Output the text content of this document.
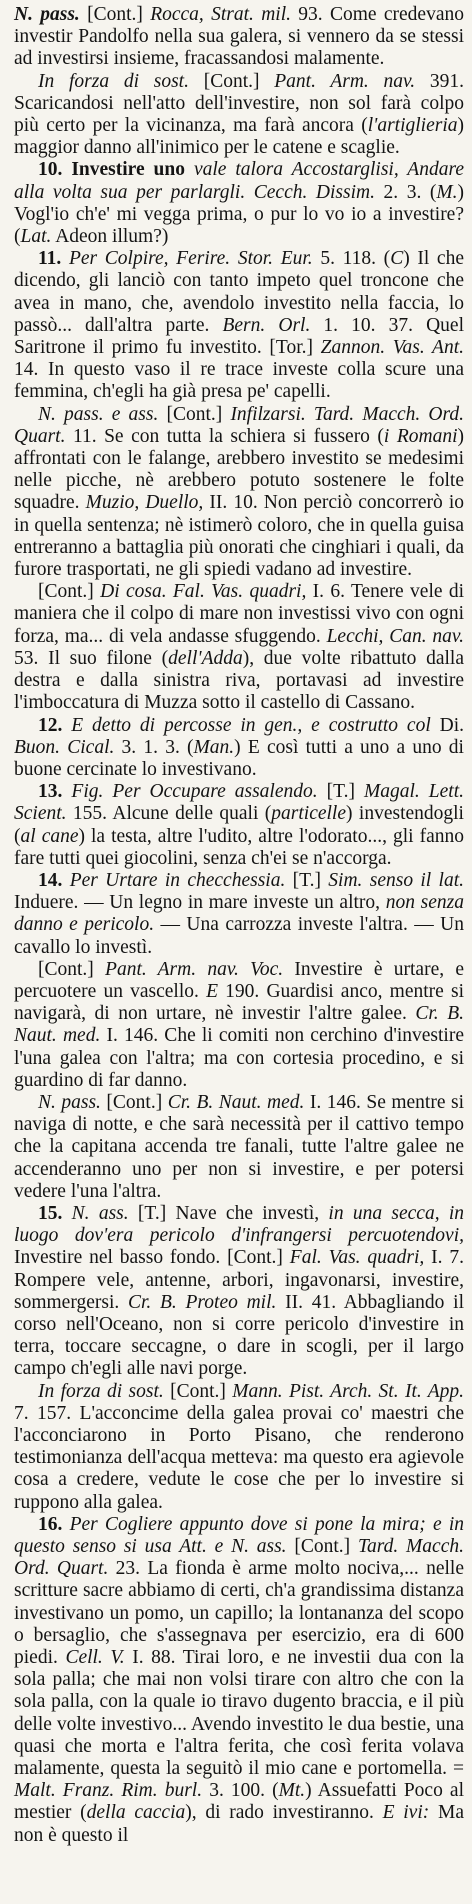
N. pass. [Cont.] Rocca, Strat. mil. 93. Come credevano investir Pandolfo nella sua galera, si vennero da se stessi ad investirsi insieme, fracassandosi malamente.

In forza di sost. [Cont.] Pant. Arm. nav. 391. Scaricandosi nell'atto dell'investire, non sol farà colpo più certo per la vicinanza, ma farà ancora (l'artiglieria) maggior danno all'inimico per le catene e scaglie.

10. Investire uno vale talora Accostarglisi, Andare alla volta sua per parlargli. Cecch. Dissim. 2. 3. (M.) Vogl'io ch'e' mi vegga prima, o pur lo vo io a investire? (Lat. Adeon illum?)

11. Per Colpire, Ferire. Stor. Eur. 5. 118. (C) Il che dicendo, gli lanciò con tanto impeto quel troncone che avea in mano, che, avendolo investito nella faccia, lo passò... dall'altra parte. Bern. Orl. 1. 10. 37. Quel Saritrone il primo fu investito. [Tor.] Zannon. Vas. Ant. 14. In questo vaso il re trace investe colla scure una femmina, ch'egli ha già presa pe' capelli.

N. pass. e ass. [Cont.] Infilzarsi. Tard. Macch. Ord. Quart. 11. Se con tutta la schiera si fussero (i Romani) affrontati con le falange, arebbero investito se medesimi nelle picche, nè arebbero potuto sostenere le folte squadre. Muzio, Duello, II. 10. Non perciò concorrerò io in quella sentenza; nè istimerò coloro, che in quella guisa entreranno a battaglia più onorati che cinghiari i quali, da furore trasportati, ne gli spiedi vadano ad investire.

[Cont.] Di cosa. Fal. Vas. quadri, I. 6. Tenere vele di maniera che il colpo di mare non investissi vivo con ogni forza, ma... di vela andasse sfuggendo. Lecchi, Can. nav. 53. Il suo filone (dell'Adda), due volte ribattuto dalla destra e dalla sinistra riva, portavasi ad investire l'imboccatura di Muzza sotto il castello di Cassano.

12. E detto di percosse in gen., e costrutto col Di. Buon. Cical. 3. 1. 3. (Man.) E così tutti a uno a uno di buone cercinate lo investivano.

13. Fig. Per Occupare assalendo. [T.] Magal. Lett. Scient. 155. Alcune delle quali (particelle) investendogli (al cane) la testa, altre l'udito, altre l'odorato..., gli fanno fare tutti quei giocolini, senza ch'ei se n'accorga.

14. Per Urtare in checchessia. [T.] Sim. senso il lat. Induere. — Un legno in mare investe un altro, non senza danno e pericolo. — Una carrozza investe l'altra. — Un cavallo lo investì.

[Cont.] Pant. Arm. nav. Voc. Investire è urtare, e percuotere un vascello. E 190. Guardisi anco, mentre si navigarà, di non urtare, nè investir l'altre galee. Cr. B. Naut. med. I. 146. Che li comiti non cerchino d'investire l'una galea con l'altra; ma con cortesia procedino, e si guardino di far danno.

N. pass. [Cont.] Cr. B. Naut. med. I. 146. Se mentre si naviga di notte, e che sarà necessità per il cattivo tempo che la capitana accenda tre fanali, tutte l'altre galee ne accenderanno uno per non si investire, e per potersi vedere l'una l'altra.

15. N. ass. [T.] Nave che investì, in una secca, in luogo dov'era pericolo d'infrangersi percuotendovi, Investire nel basso fondo. [Cont.] Fal. Vas. quadri, I. 7. Rompere vele, antenne, arbori, ingavonarsi, investire, sommergersi. Cr. B. Proteo mil. II. 41. Abbagliando il corso nell'Oceano, non si corre pericolo d'investire in terra, toccare seccagne, o dare in scogli, per il largo campo ch'egli alle navi porge.

In forza di sost. [Cont.] Mann. Pist. Arch. St. It. App. 7. 157. L'acconcime della galea provai co' maestri che l'acconciarono in Porto Pisano, che renderono testimonianza dell'acqua metteva: ma questo era agievole cosa a credere, vedute le cose che per lo investire si ruppono alla galea.

16. Per Cogliere appunto dove si pone la mira; e in questo senso si usa Att. e N. ass. [Cont.] Tard. Macch. Ord. Quart. 23. La fionda è arme molto nociva,... nelle scritture sacre abbiamo di certi, ch'a grandissima distanza investivano un pomo, un capillo; la lontananza del scopo o bersaglio, che s'assegnava per esercizio, era di 600 piedi. Cell. V. I. 88. Tirai loro, e ne investii dua con la sola palla; che mai non volsi tirare con altro che con la sola palla, con la quale io tiravo dugento braccia, e il più delle volte investivo... Avendo investito le dua bestie, una quasi che morta e l'altra ferita, che così ferita volava malamente, questa la seguitò il mio cane e portomella. = Malt. Franz. Rim. burl. 3. 100. (Mt.) Assuefatti Poco al mestier (della caccia), di rado investiranno. E ivi: Ma non è questo il
